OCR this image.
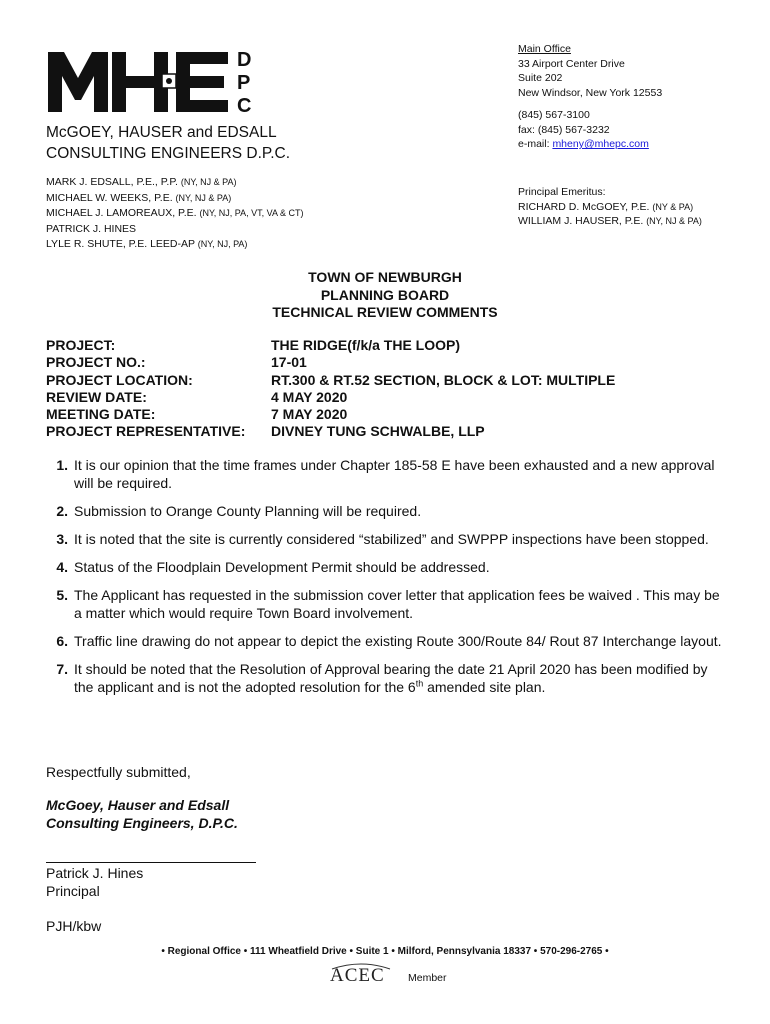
D
P
C
McGOEY, HAUSER and EDSALL
CONSULTING ENGINEERS D.P.C.
MARK J. EDSALL, P.E., P.P. (NY, NJ & PA)
MICHAEL W. WEEKS, P.E. (NY, NJ & PA)
MICHAEL J. LAMOREAUX, P.E. (NY, NJ, PA, VT, VA & CT)
PATRICK J. HINES
LYLE R. SHUTE, P.E. LEED-AP (NY, NJ, PA)
Main Office
33 Airport Center Drive
Suite 202
New Windsor, New York 12553
(845) 567-3100
fax: (845) 567-3232
e-mail: mheny@mhepc.com
Principal Emeritus:
RICHARD D. McGOEY, P.E. (NY & PA)
WILLIAM J. HAUSER, P.E. (NY, NJ & PA)
TOWN OF NEWBURGH
PLANNING BOARD
TECHNICAL REVIEW COMMENTS
PROJECT:	THE RIDGE(f/k/a THE LOOP)
PROJECT NO.:	17-01
PROJECT LOCATION:	RT.300 & RT.52 SECTION, BLOCK & LOT: MULTIPLE
REVIEW DATE:	4 MAY 2020
MEETING DATE:	7 MAY 2020
PROJECT REPRESENTATIVE:	DIVNEY TUNG SCHWALBE, LLP
1. It is our opinion that the time frames under Chapter 185-58 E have been exhausted and a new approval will be required.
2. Submission to Orange County Planning will be required.
3. It is noted that the site is currently considered “stabilized” and SWPPP inspections have been stopped.
4. Status of the Floodplain Development Permit should be addressed.
5. The Applicant has requested in the submission cover letter that application fees be waived . This may be a matter which would require Town Board involvement.
6. Traffic line drawing do not appear to depict the existing Route 300/Route 84/ Rout 87 Interchange layout.
7. It should be noted that the Resolution of Approval bearing the date 21 April 2020 has been modified by the applicant and is not the adopted resolution for the 6th amended site plan.
Respectfully submitted,
McGoey, Hauser and Edsall
Consulting Engineers, D.P.C.
Patrick J. Hines
Principal
PJH/kbw
• Regional Office • 111 Wheatfield Drive • Suite 1 • Milford, Pennsylvania 18337 • 570-296-2765 •
ACEC Member
